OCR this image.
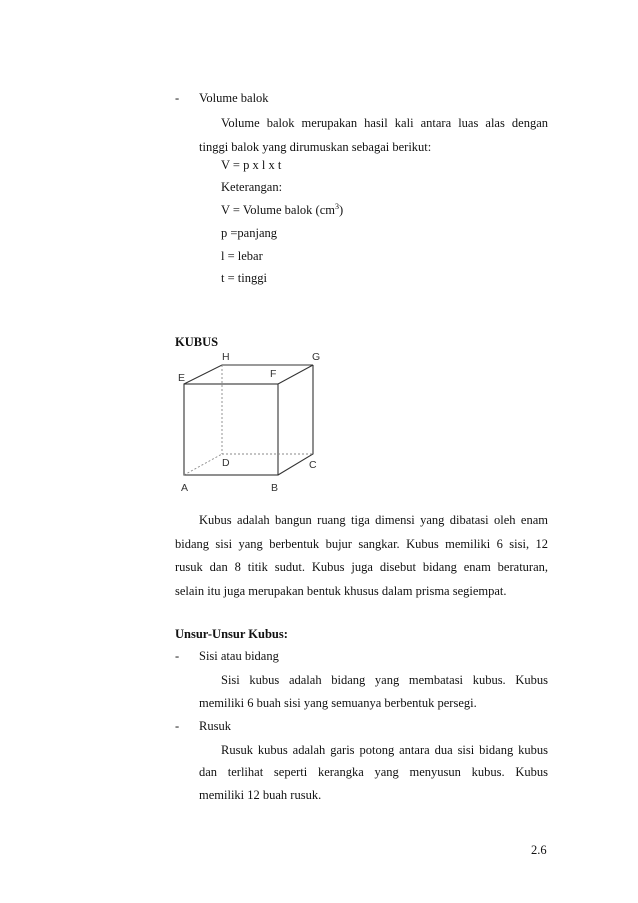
- Volume balok
Volume balok merupakan hasil kali antara luas alas dengan
tinggi balok yang dirumuskan sebagai berikut:
V = p x l x t
Keterangan:
V = Volume balok $(cm^3)$
p =panjang
l = lebar
t = tinggi
KUBUS
A	B
C
D
E	F
G
H
Kubus adalah bangun ruang tiga dimensi yang dibatasi oleh enam
bidang sisi yang berbentuk bujur sangkar. Kubus memiliki 6 sisi, 12
rusuk dan 8 titik sudut. Kubus juga disebut bidang enam beraturan,
selain itu juga merupakan bentuk khusus dalam prisma segiempat.
Unsur-Unsur Kubus:
- Sisi atau bidang
Sisi kubus adalah bidang yang membatasi kubus. Kubus
memiliki 6 buah sisi yang semuanya berbentuk persegi.
- Rusuk
Rusuk kubus adalah garis potong antara dua sisi bidang kubus
dan terlihat seperti kerangka yang menyusun kubus. Kubus
memiliki 12 buah rusuk.
2.6
